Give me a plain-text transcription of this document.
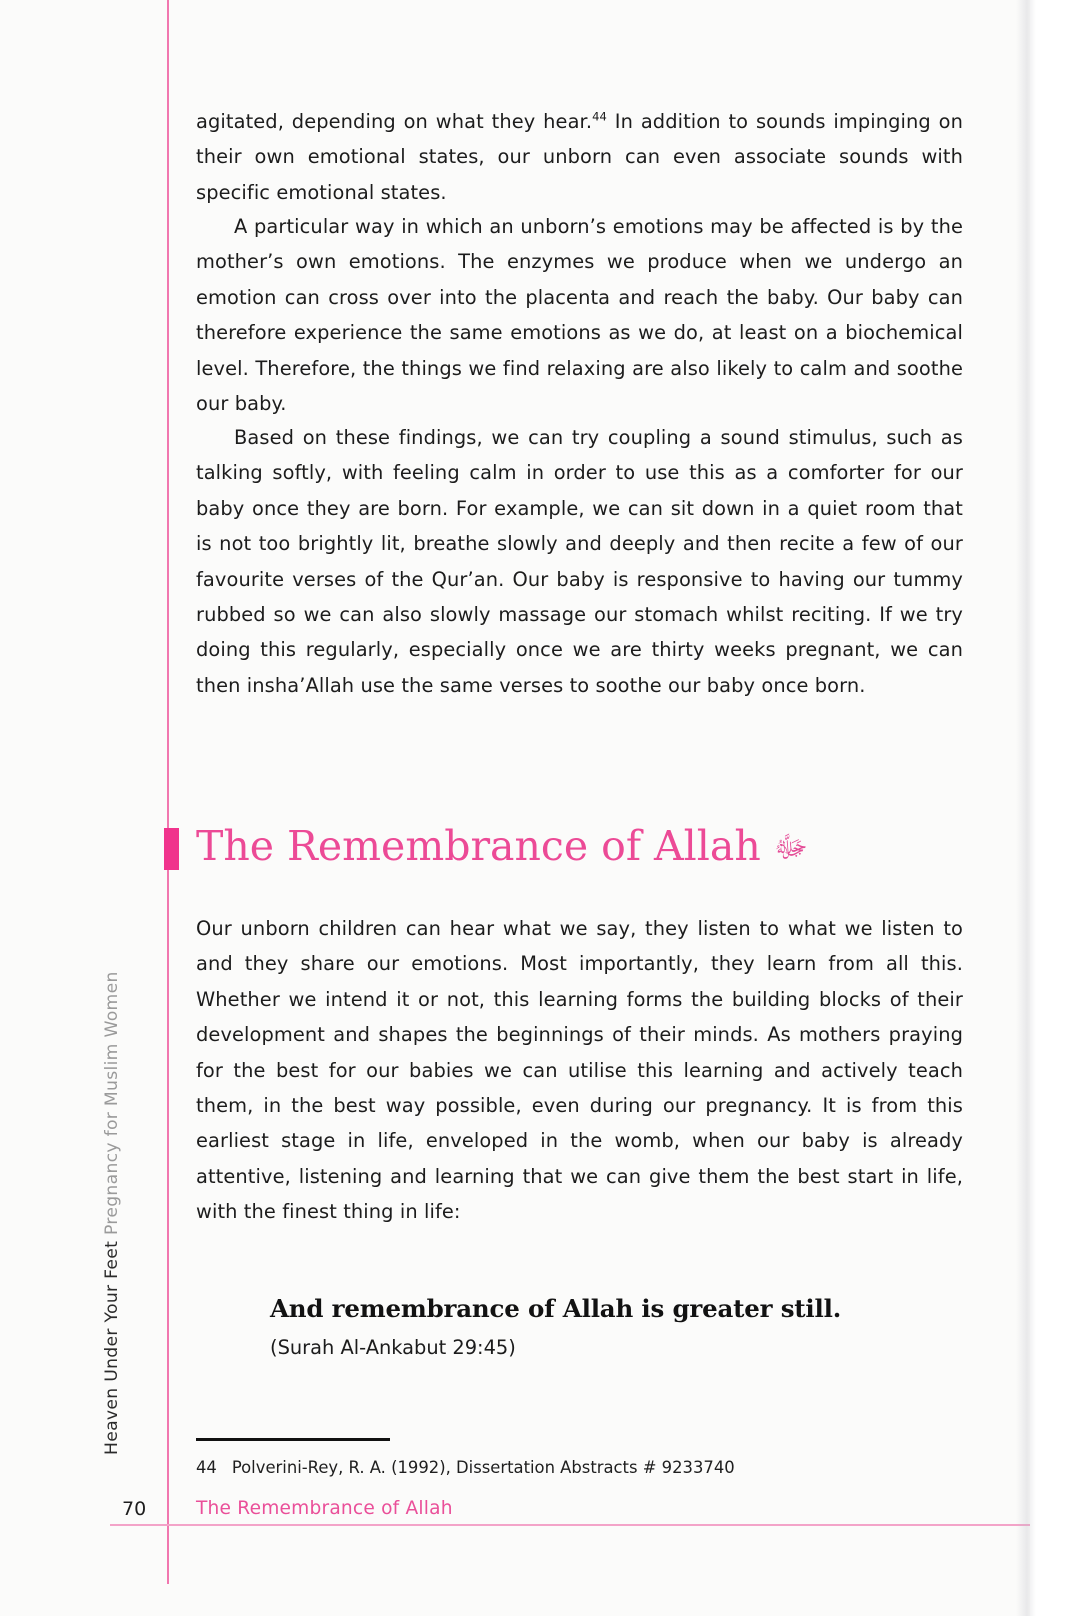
agitated, depending on what they hear.$^{44}$ In addition to sounds impinging on their own emotional states, our unborn can even associate sounds with specific emotional states.

A particular way in which an unborn’s emotions may be affected is by the mother’s own emotions. The enzymes we produce when we undergo an emotion can cross over into the placenta and reach the baby. Our baby can therefore experience the same emotions as we do, at least on a biochemical level. Therefore, the things we find relaxing are also likely to calm and soothe our baby.

Based on these findings, we can try coupling a sound stimulus, such as talking softly, with feeling calm in order to use this as a comforter for our baby once they are born. For example, we can sit down in a quiet room that is not too brightly lit, breathe slowly and deeply and then recite a few of our favourite verses of the Qur’an. Our baby is responsive to having our tummy rubbed so we can also slowly massage our stomach whilst reciting. If we try doing this regularly, especially once we are thirty weeks pregnant, we can then insha’Allah use the same verses to soothe our baby once born.

The Remembrance of Allah ﷻ

Our unborn children can hear what we say, they listen to what we listen to and they share our emotions. Most importantly, they learn from all this. Whether we intend it or not, this learning forms the building blocks of their development and shapes the beginnings of their minds. As mothers praying for the best for our babies we can utilise this learning and actively teach them, in the best way possible, even during our pregnancy. It is from this earliest stage in life, enveloped in the womb, when our baby is already attentive, listening and learning that we can give them the best start in life, with the finest thing in life:

And remembrance of Allah is greater still.

(Surah Al-Ankabut 29:45)

44 Polverini-Rey, R. A. (1992), Dissertation Abstracts # 9233740
Heaven Under Your Feet Pregnancy for Muslim Women
70	The Remembrance of Allah
